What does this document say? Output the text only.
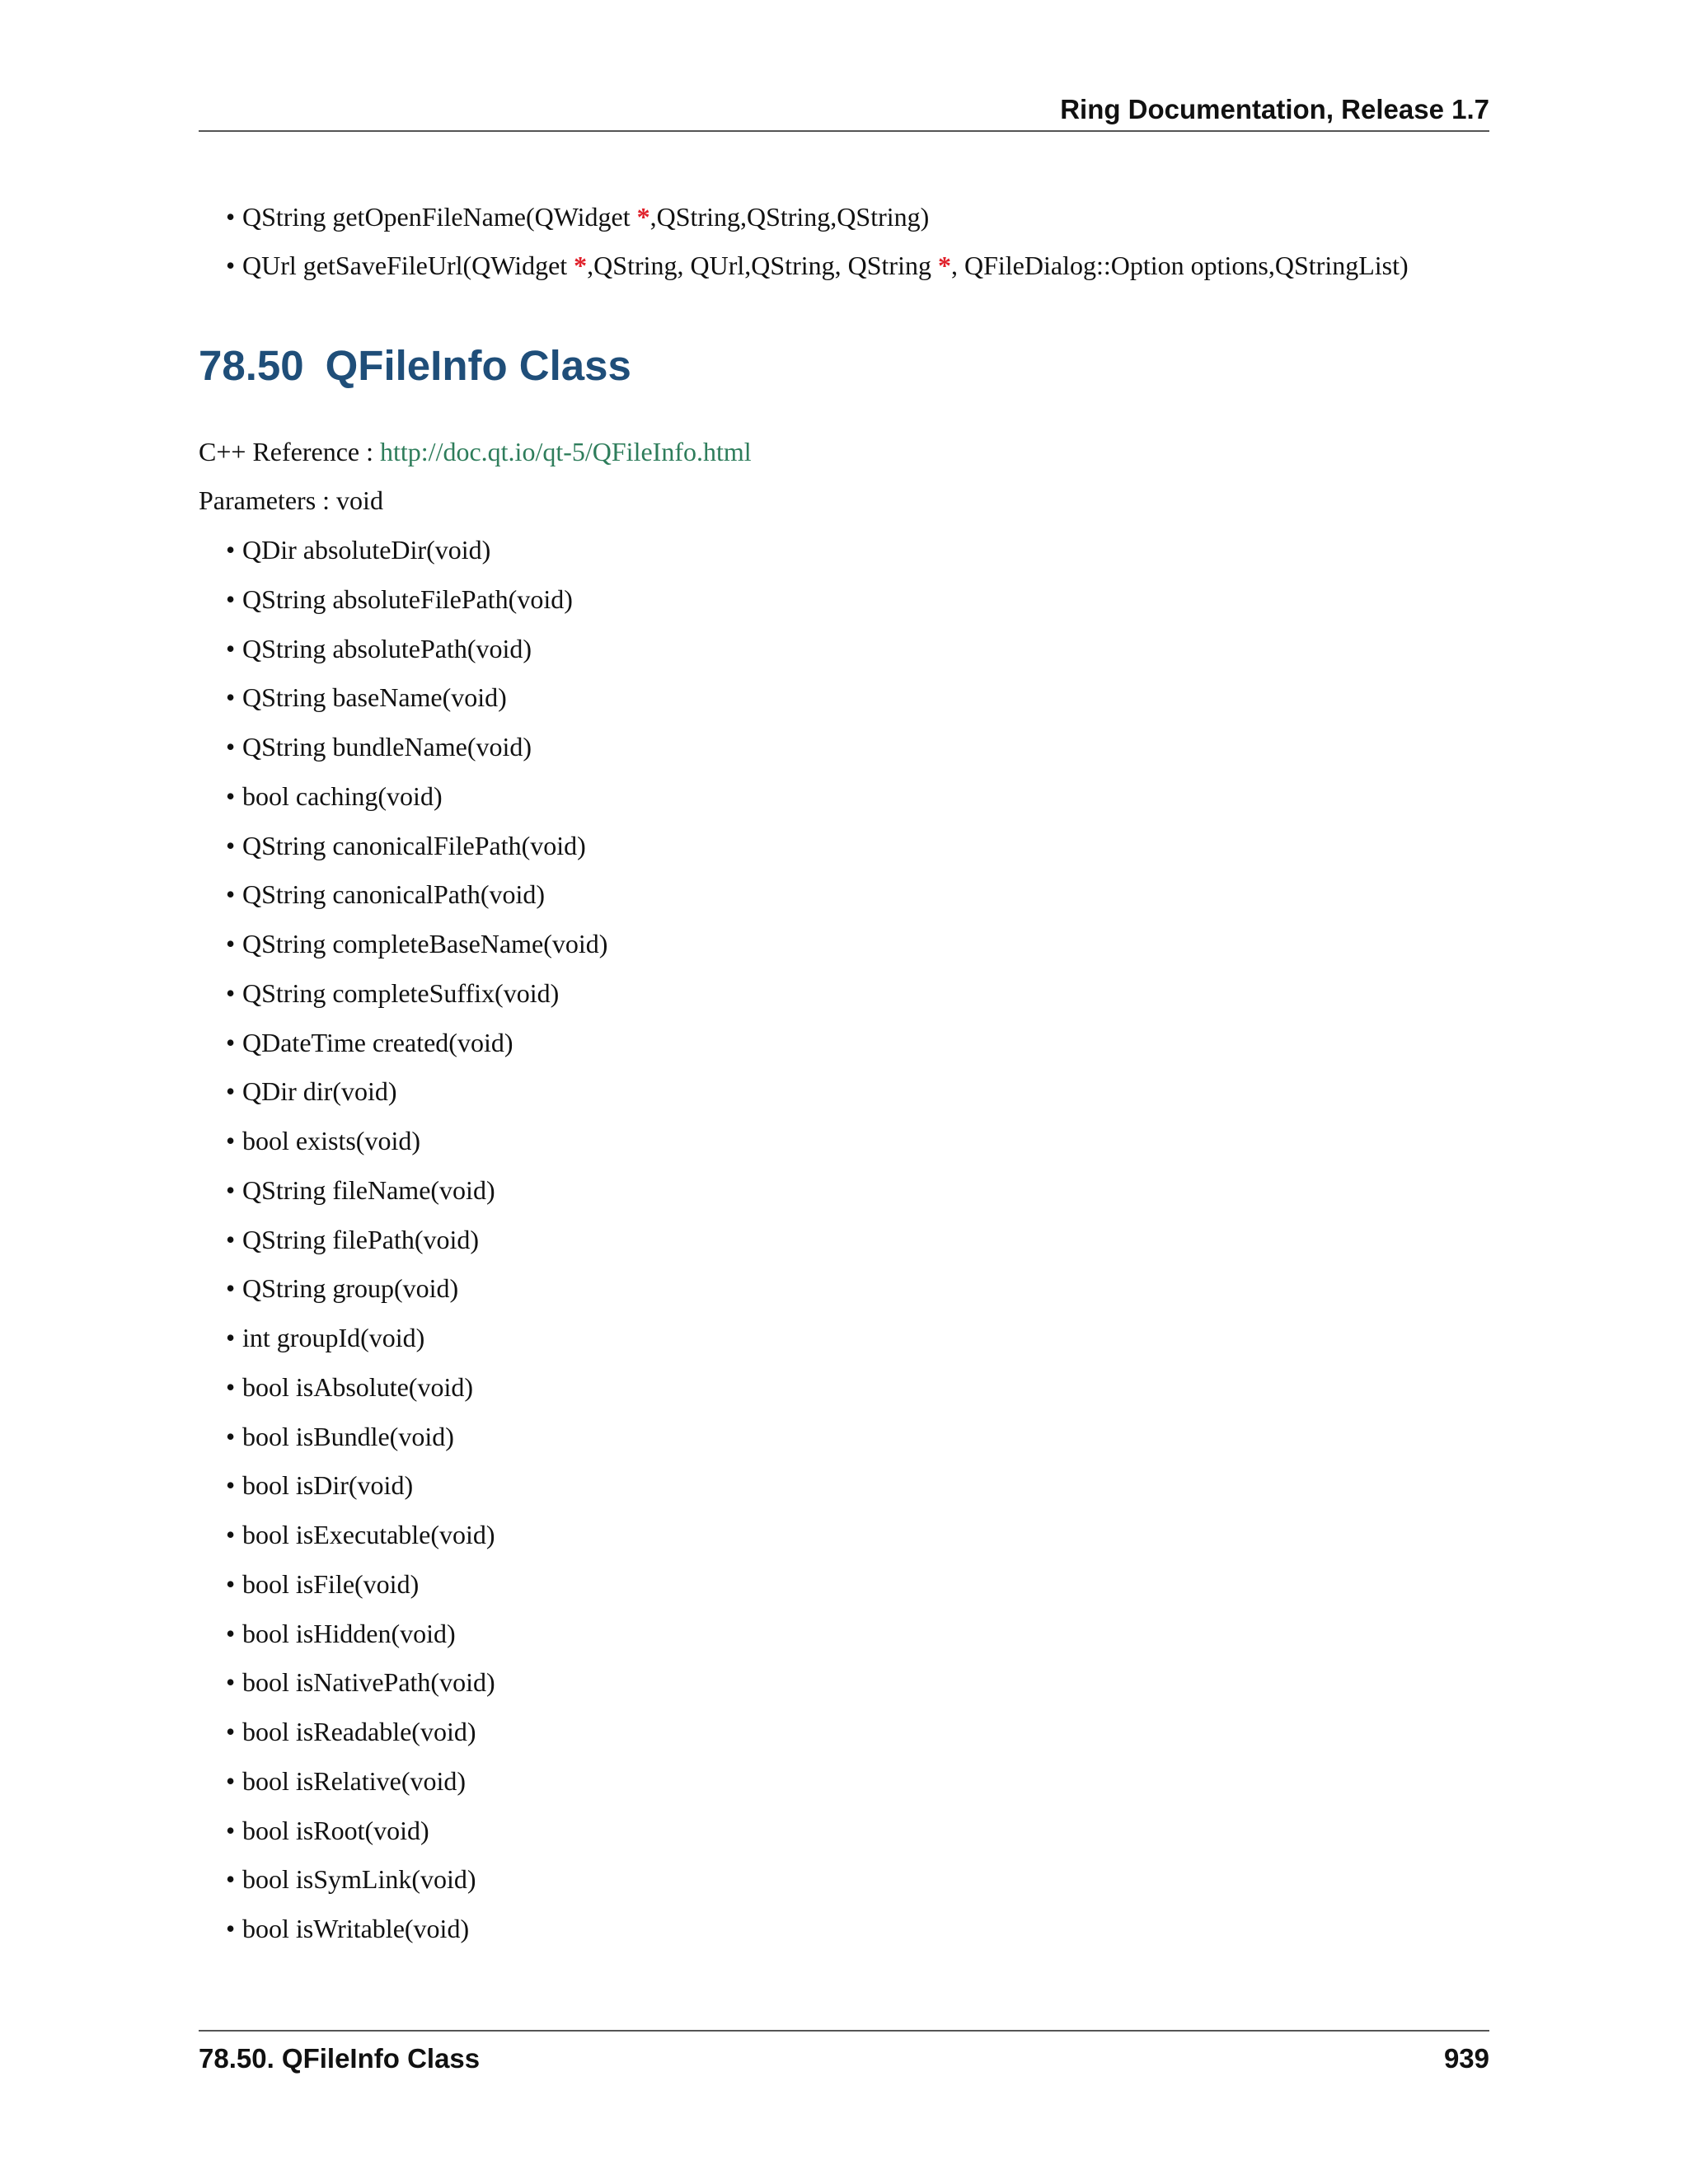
Ring Documentation, Release 1.7
• QString getOpenFileName(QWidget *,QString,QString,QString)
• QUrl getSaveFileUrl(QWidget *,QString, QUrl,QString, QString *, QFileDialog::Option options,QStringList)
78.50 QFileInfo Class
C++ Reference : http://doc.qt.io/qt-5/QFileInfo.html
Parameters : void
• QDir absoluteDir(void)
• QString absoluteFilePath(void)
• QString absolutePath(void)
• QString baseName(void)
• QString bundleName(void)
• bool caching(void)
• QString canonicalFilePath(void)
• QString canonicalPath(void)
• QString completeBaseName(void)
• QString completeSuffix(void)
• QDateTime created(void)
• QDir dir(void)
• bool exists(void)
• QString fileName(void)
• QString filePath(void)
• QString group(void)
• int groupId(void)
• bool isAbsolute(void)
• bool isBundle(void)
• bool isDir(void)
• bool isExecutable(void)
• bool isFile(void)
• bool isHidden(void)
• bool isNativePath(void)
• bool isReadable(void)
• bool isRelative(void)
• bool isRoot(void)
• bool isSymLink(void)
• bool isWritable(void)
78.50. QFileInfo Class	939
